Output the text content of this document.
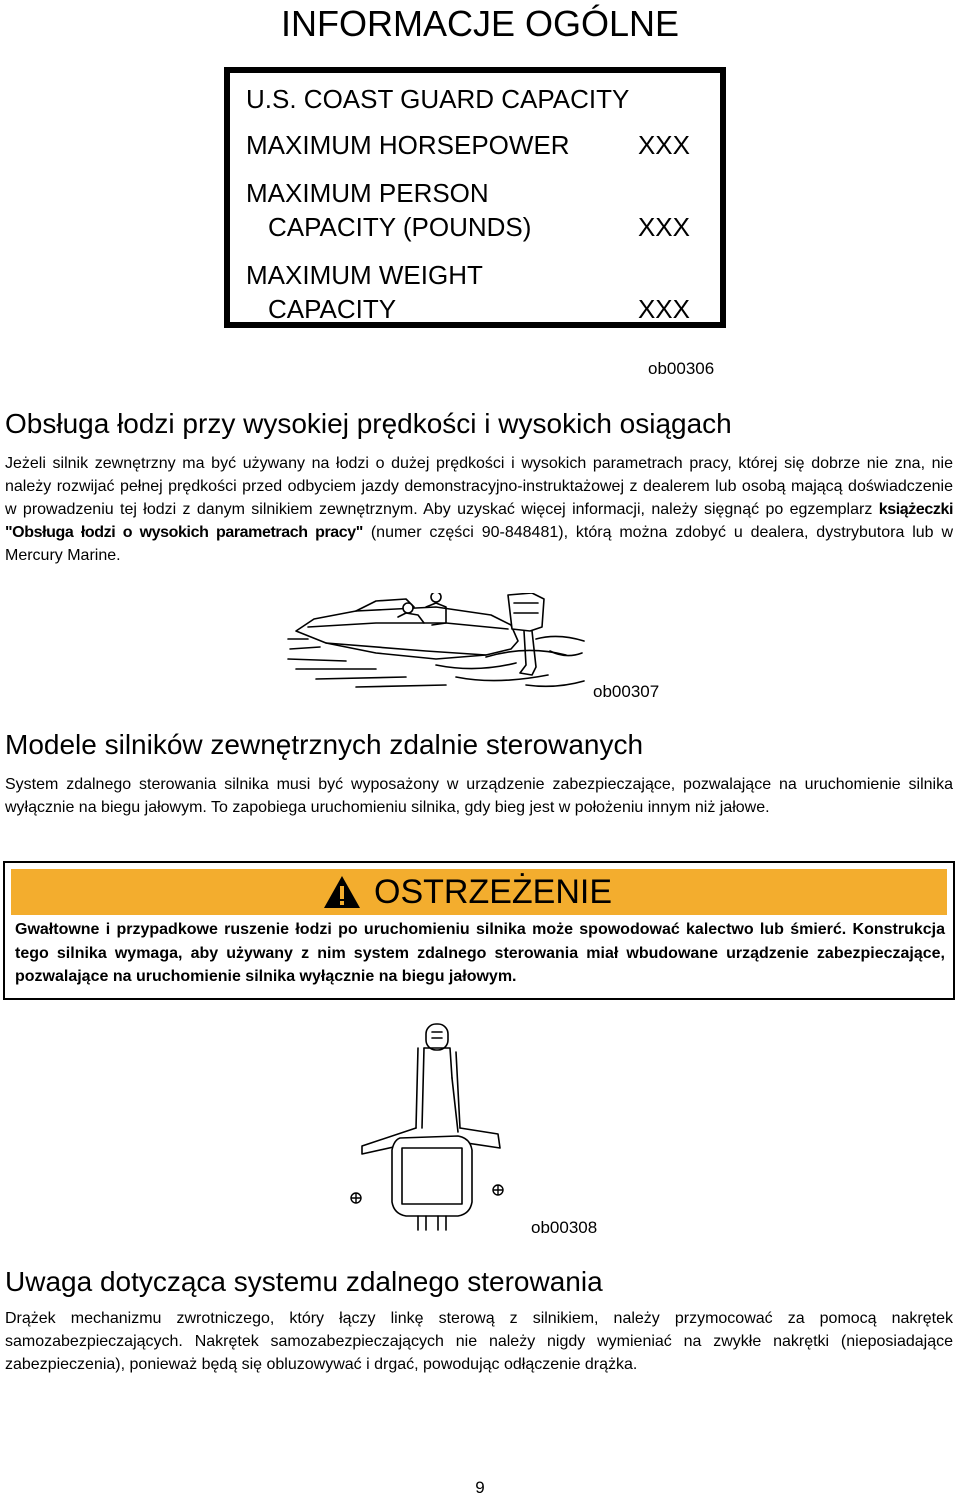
INFORMACJE OGÓLNE
U.S. COAST GUARD CAPACITY
MAXIMUM HORSEPOWER	XXX
MAXIMUM PERSON
CAPACITY (POUNDS)	XXX
MAXIMUM WEIGHT
CAPACITY	XXX
ob00306
Obsługa łodzi przy wysokiej prędkości i wysokich osiągach
Jeżeli silnik zewnętrzny ma być używany na łodzi o dużej prędkości i wysokich parametrach pracy, której się dobrze nie zna, nie należy rozwijać pełnej prędkości przed odbyciem jazdy demonstracyjno-instruktażowej z dealerem lub osobą mającą doświadczenie w prowadzeniu tej łodzi z danym silnikiem zewnętrznym. Aby uzyskać więcej informacji, należy sięgnąć po egzemplarz książeczki "Obsługa łodzi o wysokich parametrach pracy" (numer części 90-848481), którą można zdobyć u dealera, dystrybutora lub w Mercury Marine.
ob00307
Modele silników zewnętrznych zdalnie sterowanych
System zdalnego sterowania silnika musi być wyposażony w urządzenie zabezpieczające, pozwalające na uruchomienie silnika wyłącznie na biegu jałowym. To zapobiega uruchomieniu silnika, gdy bieg jest w położeniu innym niż jałowe.
OSTRZEŻENIE
Gwałtowne i przypadkowe ruszenie łodzi po uruchomieniu silnika może spowodować kalectwo lub śmierć. Konstrukcja tego silnika wymaga, aby używany z nim system zdalnego sterowania miał wbudowane urządzenie zabezpieczające, pozwalające na uruchomienie silnika wyłącznie na biegu jałowym.
ob00308
Uwaga dotycząca systemu zdalnego sterowania
Drążek mechanizmu zwrotniczego, który łączy linkę sterową z silnikiem, należy przymocować za pomocą nakrętek samozabezpieczających. Nakrętek samozabezpieczających nie należy nigdy wymieniać na zwykłe nakrętki (nieposiadające zabezpieczenia), ponieważ będą się obluzowywać i drgać, powodując odłączenie drążka.
9
